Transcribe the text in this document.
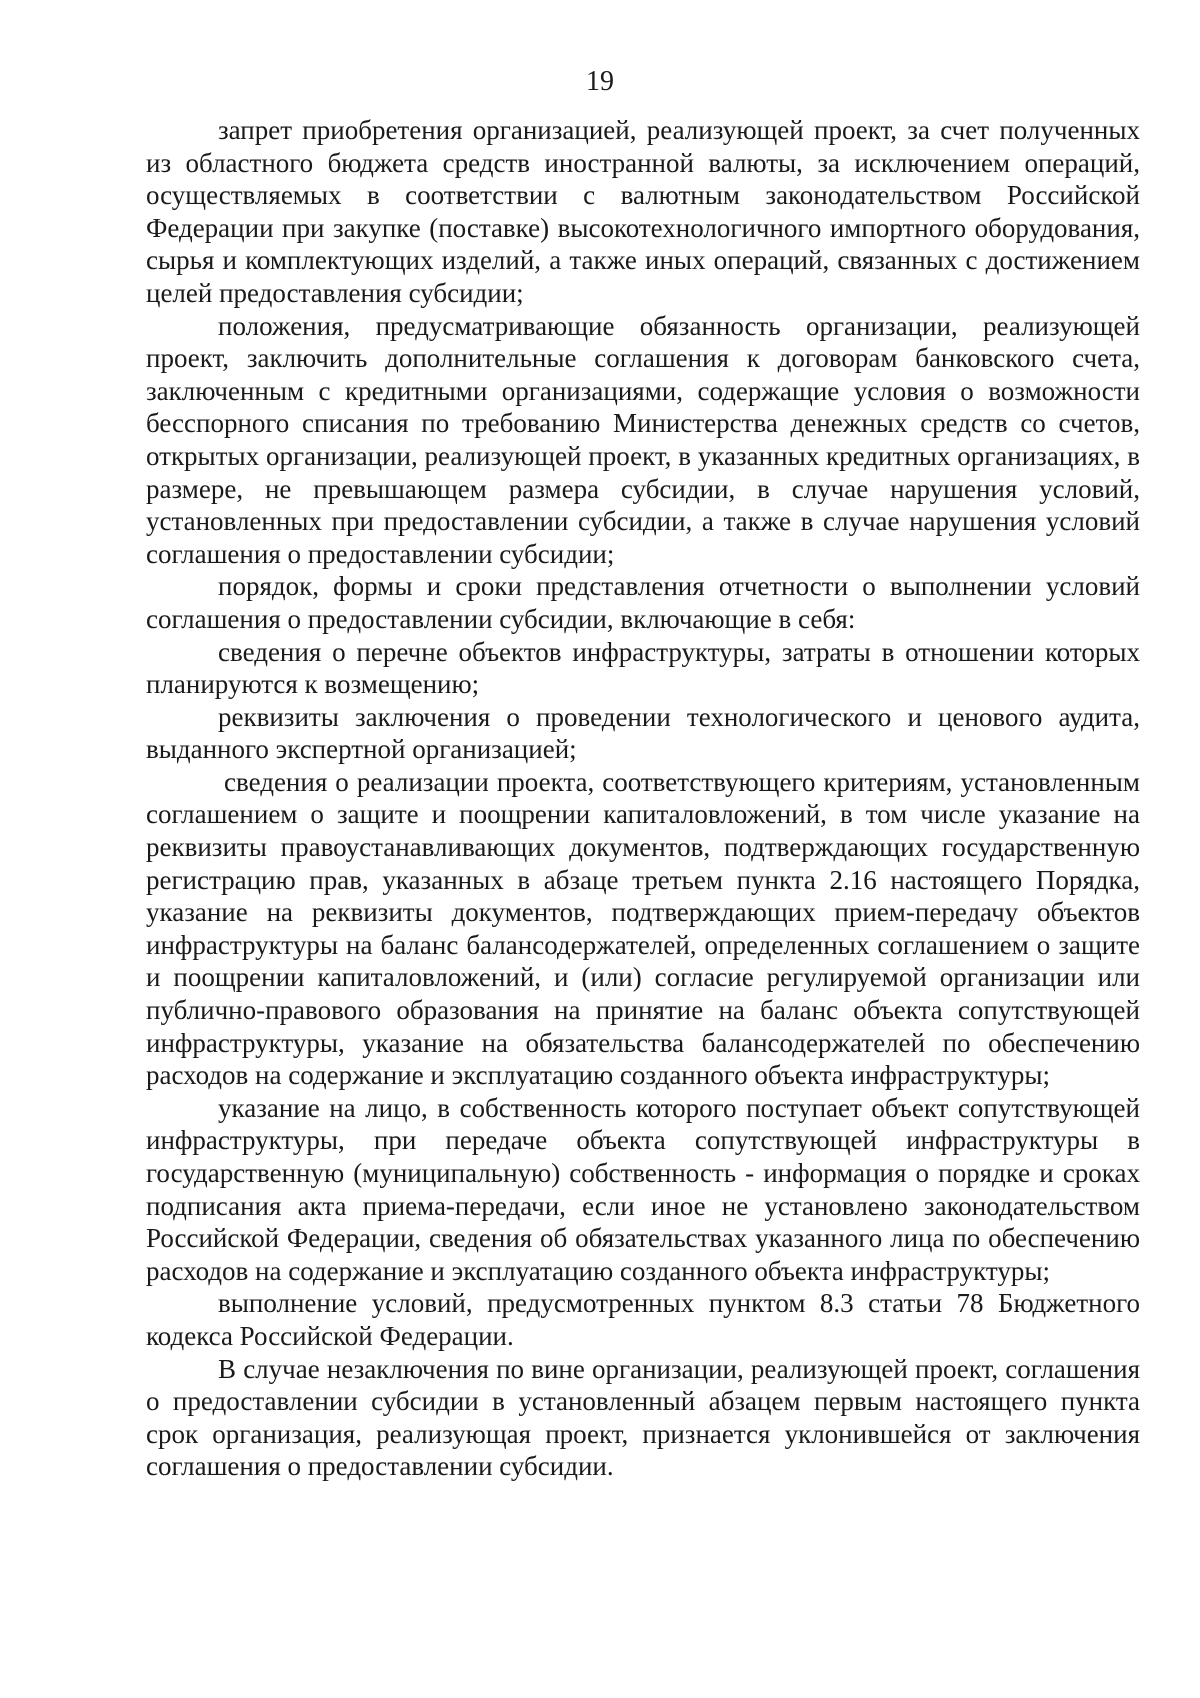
19

запрет приобретения организацией, реализующей проект, за счет полученных из областного бюджета средств иностранной валюты, за исключением операций, осуществляемых в соответствии с валютным законодательством Российской Федерации при закупке (поставке) высокотехнологичного импортного оборудования, сырья и комплектующих изделий, а также иных операций, связанных с достижением целей предоставления субсидии;

положения, предусматривающие обязанность организации, реализующей проект, заключить дополнительные соглашения к договорам банковского счета, заключенным с кредитными организациями, содержащие условия о возможности бесспорного списания по требованию Министерства денежных средств со счетов, открытых организации, реализующей проект, в указанных кредитных организациях, в размере, не превышающем размера субсидии, в случае нарушения условий, установленных при предоставлении субсидии, а также в случае нарушения условий соглашения о предоставлении субсидии;

порядок, формы и сроки представления отчетности о выполнении условий соглашения о предоставлении субсидии, включающие в себя:

сведения о перечне объектов инфраструктуры, затраты в отношении которых планируются к возмещению;

реквизиты заключения о проведении технологического и ценового аудита, выданного экспертной организацией;

сведения о реализации проекта, соответствующего критериям, установленным соглашением о защите и поощрении капиталовложений, в том числе указание на реквизиты правоустанавливающих документов, подтверждающих государственную регистрацию прав, указанных в абзаце третьем пункта 2.16 настоящего Порядка, указание на реквизиты документов, подтверждающих прием-передачу объектов инфраструктуры на баланс балансодержателей, определенных соглашением о защите и поощрении капиталовложений, и (или) согласие регулируемой организации или публично-правового образования на принятие на баланс объекта сопутствующей инфраструктуры, указание на обязательства балансодержателей по обеспечению расходов на содержание и эксплуатацию созданного объекта инфраструктуры;

указание на лицо, в собственность которого поступает объект сопутствующей инфраструктуры, при передаче объекта сопутствующей инфраструктуры в государственную (муниципальную) собственность - информация о порядке и сроках подписания акта приема-передачи, если иное не установлено законодательством Российской Федерации, сведения об обязательствах указанного лица по обеспечению расходов на содержание и эксплуатацию созданного объекта инфраструктуры;

выполнение условий, предусмотренных пунктом 8.3 статьи 78 Бюджетного кодекса Российской Федерации.

В случае незаключения по вине организации, реализующей проект, соглашения о предоставлении субсидии в установленный абзацем первым настоящего пункта срок организация, реализующая проект, признается уклонившейся от заключения соглашения о предоставлении субсидии.
